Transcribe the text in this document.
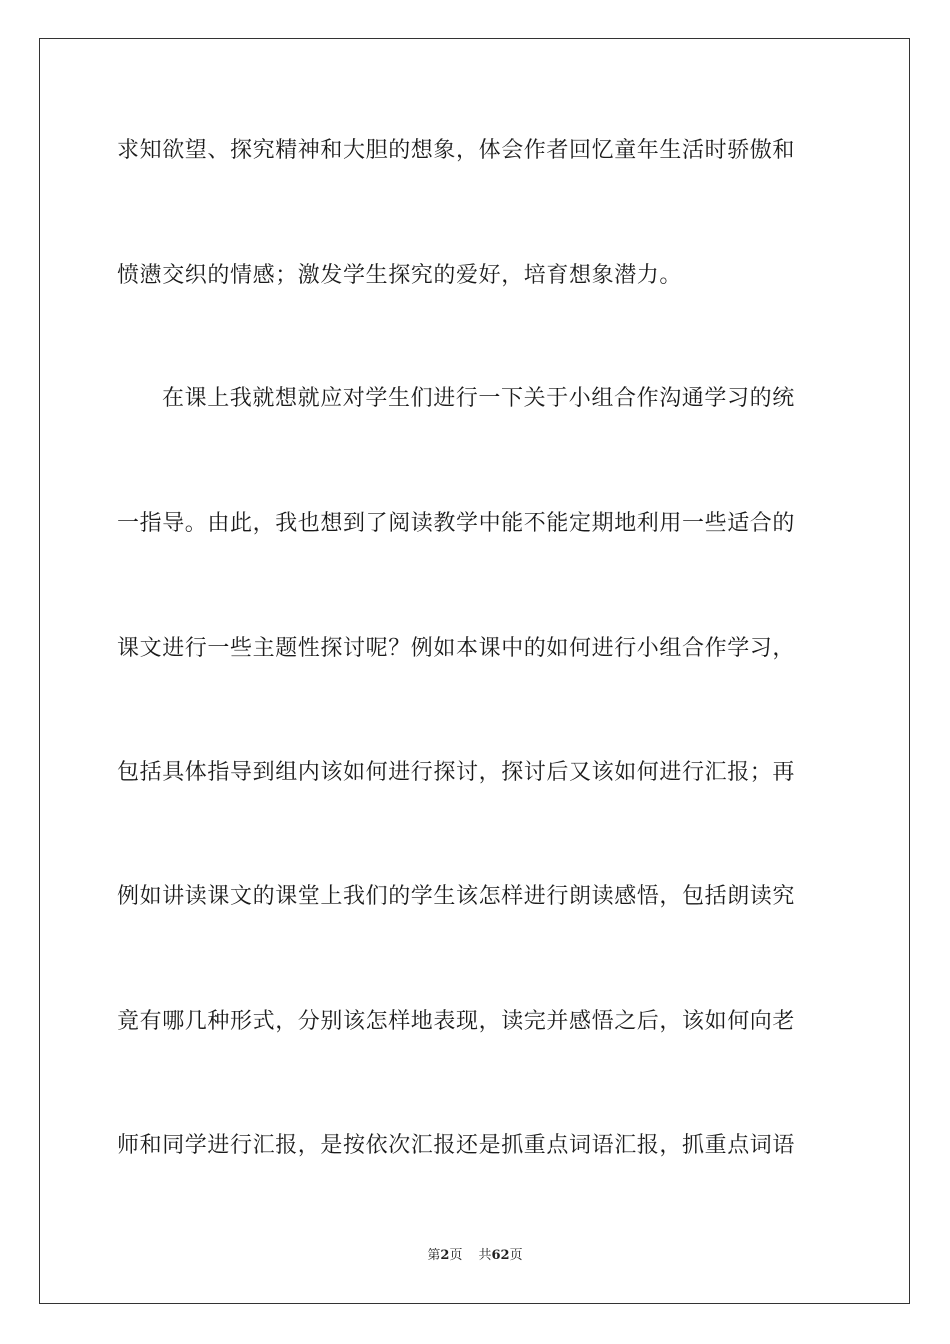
求知欲望、探究精神和大胆的想象，体会作者回忆童年生活时骄傲和
愤懑交织的情感；激发学生探究的爱好，培育想象潜力。
在课上我就想就应对学生们进行一下关于小组合作沟通学习的统
一指导。由此，我也想到了阅读教学中能不能定期地利用一些适合的
课文进行一些主题性探讨呢？例如本课中的如何进行小组合作学习，
包括具体指导到组内该如何进行探讨，探讨后又该如何进行汇报；再
例如讲读课文的课堂上我们的学生该怎样进行朗读感悟，包括朗读究
竟有哪几种形式，分别该怎样地表现，读完并感悟之后，该如何向老
师和同学进行汇报，是按依次汇报还是抓重点词语汇报，抓重点词语
第2页 共62页
